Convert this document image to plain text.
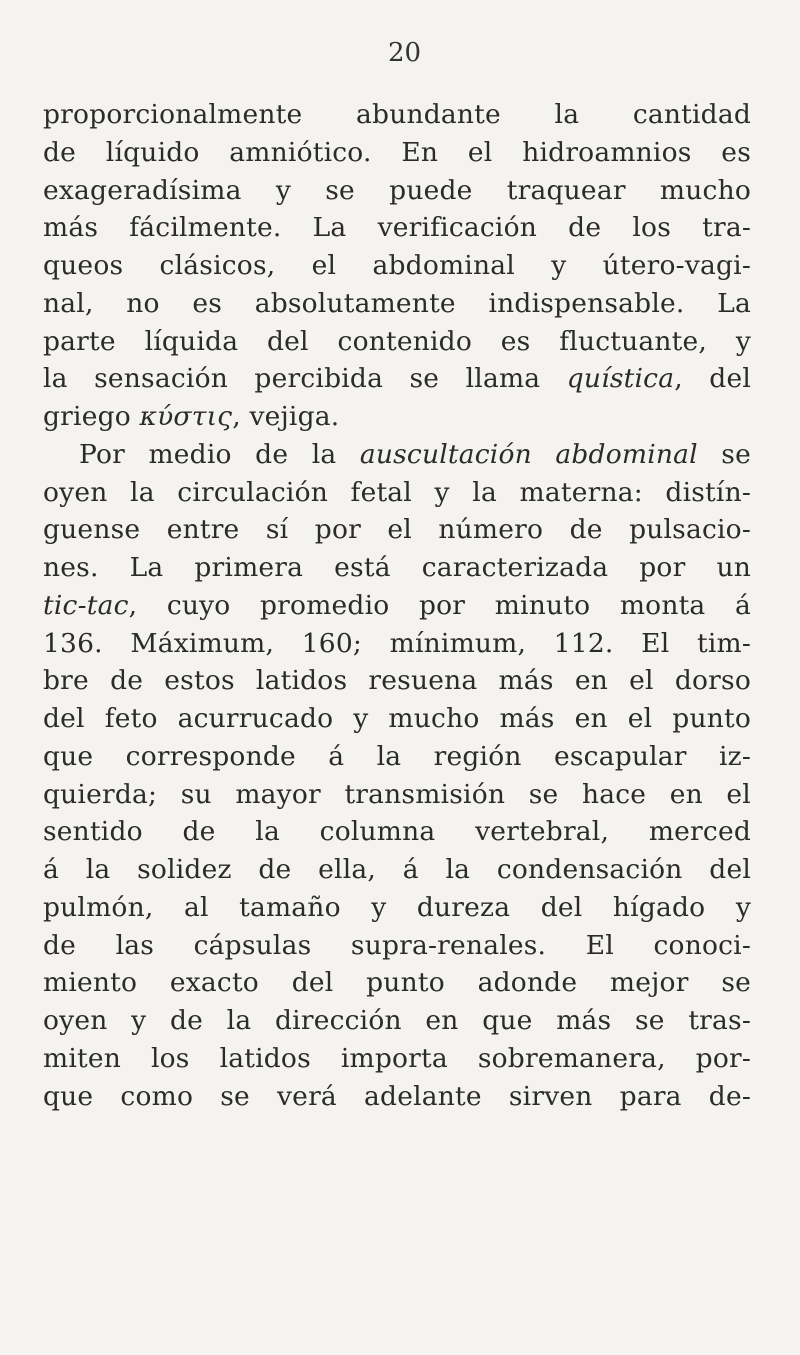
20
proporcionalmente abundante la cantidad
de líquido amniótico. En el hidroamnios es
exageradísima y se puede traquear mucho
más fácilmente. La verificación de los tra-
queos clásicos, el abdominal y útero-vagi-
nal, no es absolutamente indispensable. La
parte líquida del contenido es fluctuante, y
la sensación percibida se llama quística, del
griego κύστις, vejiga.
Por medio de la auscultación abdominal se
oyen la circulación fetal y la materna: distín-
guense entre sí por el número de pulsacio-
nes. La primera está caracterizada por un
tic-tac, cuyo promedio por minuto monta á
136. Máximum, 160; mínimum, 112. El tim-
bre de estos latidos resuena más en el dorso
del feto acurrucado y mucho más en el punto
que corresponde á la región escapular iz-
quierda; su mayor transmisión se hace en el
sentido de la columna vertebral, merced
á la solidez de ella, á la condensación del
pulmón, al tamaño y dureza del hígado y
de las cápsulas supra-renales. El conoci-
miento exacto del punto adonde mejor se
oyen y de la dirección en que más se tras-
miten los latidos importa sobremanera, por-
que como se verá adelante sirven para de-
